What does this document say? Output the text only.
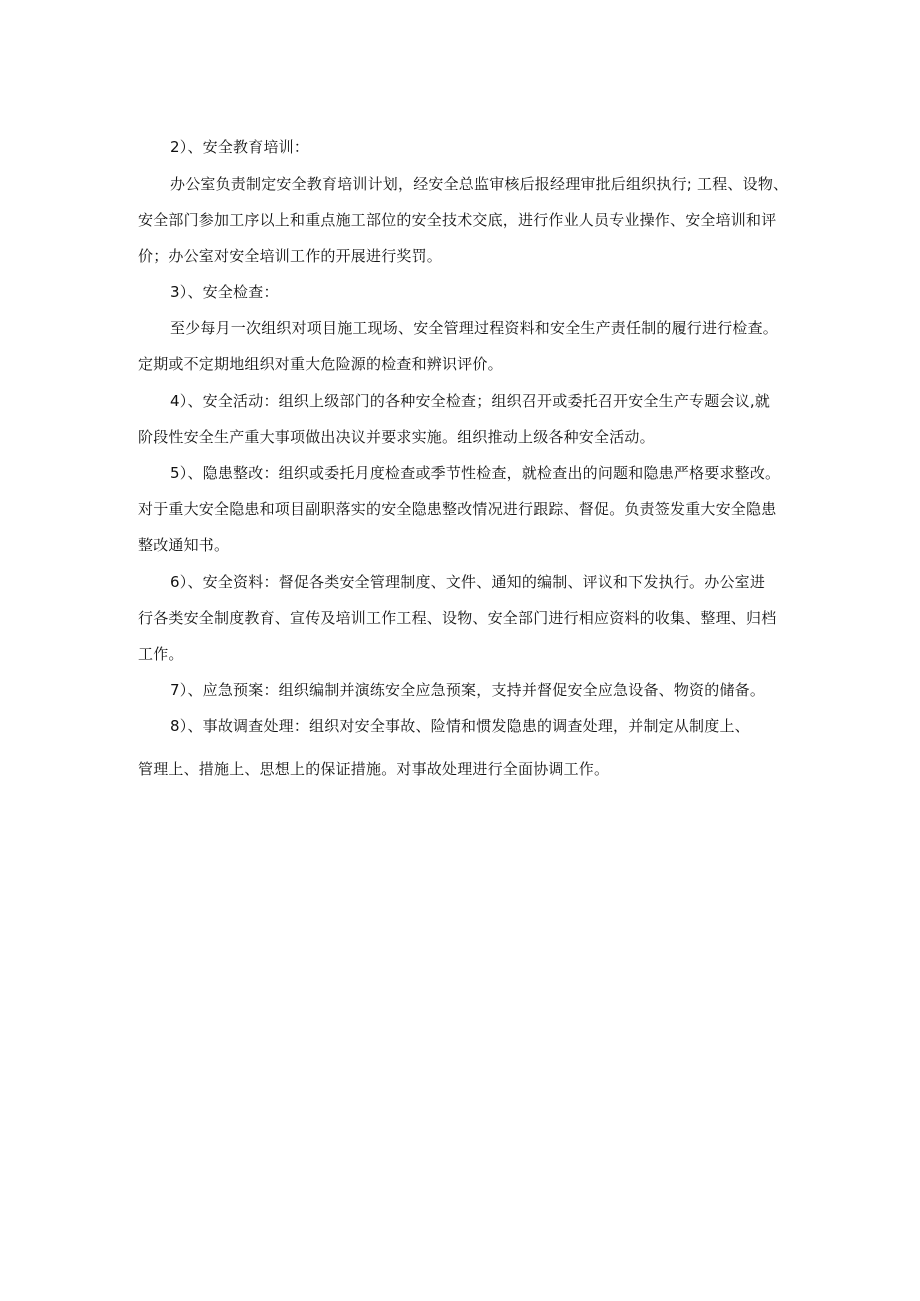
2）、安全教育培训：
办公室负责制定安全教育培训计划，经安全总监审核后报经理审批后组织执行; 工程、设物、
安全部门参加工序以上和重点施工部位的安全技术交底，进行作业人员专业操作、安全培训和评
价；办公室对安全培训工作的开展进行奖罚。
3）、安全检查：
至少每月一次组织对项目施工现场、安全管理过程资料和安全生产责任制的履行进行检查。
定期或不定期地组织对重大危险源的检查和辨识评价。
4）、安全活动：组织上级部门的各种安全检查；组织召开或委托召开安全生产专题会议,就
阶段性安全生产重大事项做出决议并要求实施。组织推动上级各种安全活动。
5）、隐患整改：组织或委托月度检查或季节性检查，就检查出的问题和隐患严格要求整改。
对于重大安全隐患和项目副职落实的安全隐患整改情况进行跟踪、督促。负责签发重大安全隐患
整改通知书。
6）、安全资料：督促各类安全管理制度、文件、通知的编制、评议和下发执行。办公室进
行各类安全制度教育、宣传及培训工作工程、设物、安全部门进行相应资料的收集、整理、归档
工作。
7）、应急预案：组织编制并演练安全应急预案，支持并督促安全应急设备、物资的储备。
8）、事故调查处理：组织对安全事故、险情和惯发隐患的调查处理，并制定从制度上、
管理上、措施上、思想上的保证措施。对事故处理进行全面协调工作。
